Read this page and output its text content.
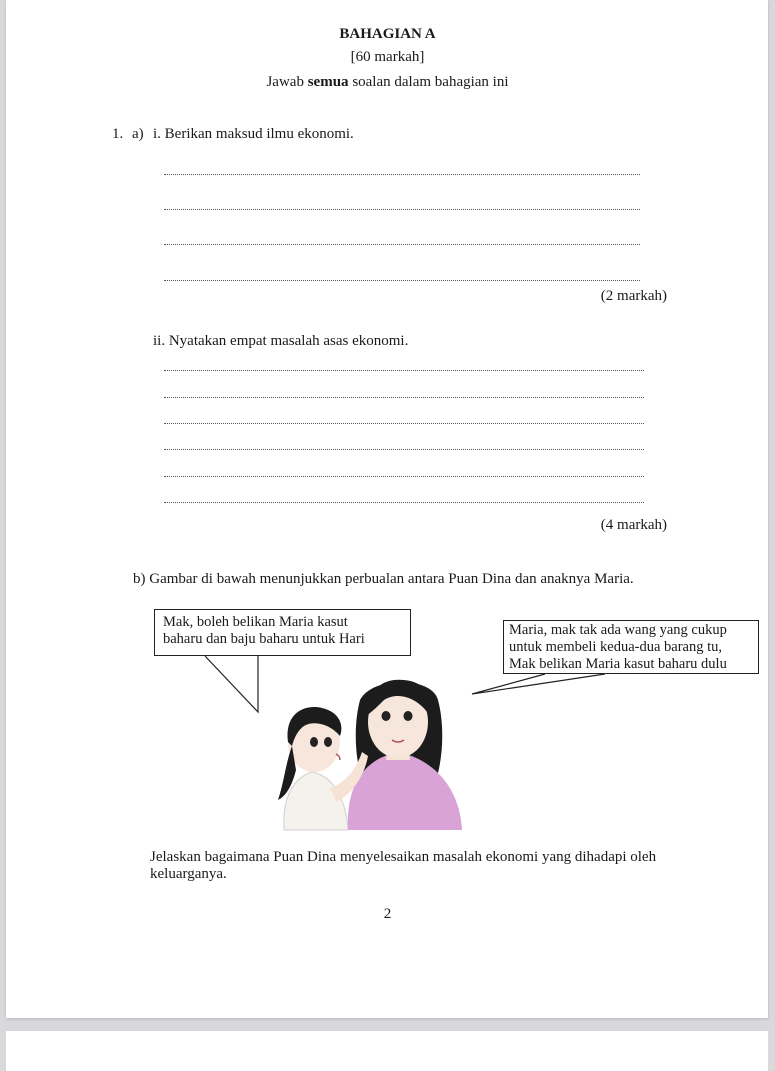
BAHAGIAN A
[60 markah]
Jawab semua soalan dalam bahagian ini
1. a) i. Berikan maksud ilmu ekonomi.
(2 markah)
ii. Nyatakan empat masalah asas ekonomi.
(4 markah)
b) Gambar di bawah menunjukkan perbualan antara Puan Dina dan anaknya Maria.
Mak, boleh belikan Maria kasut
baharu dan baju baharu untuk Hari
Maria, mak tak ada wang yang cukup
untuk membeli kedua-dua barang tu,
Mak belikan Maria kasut baharu dulu
Jelaskan bagaimana Puan Dina menyelesaikan masalah ekonomi yang dihadapi oleh
keluarganya.
2
